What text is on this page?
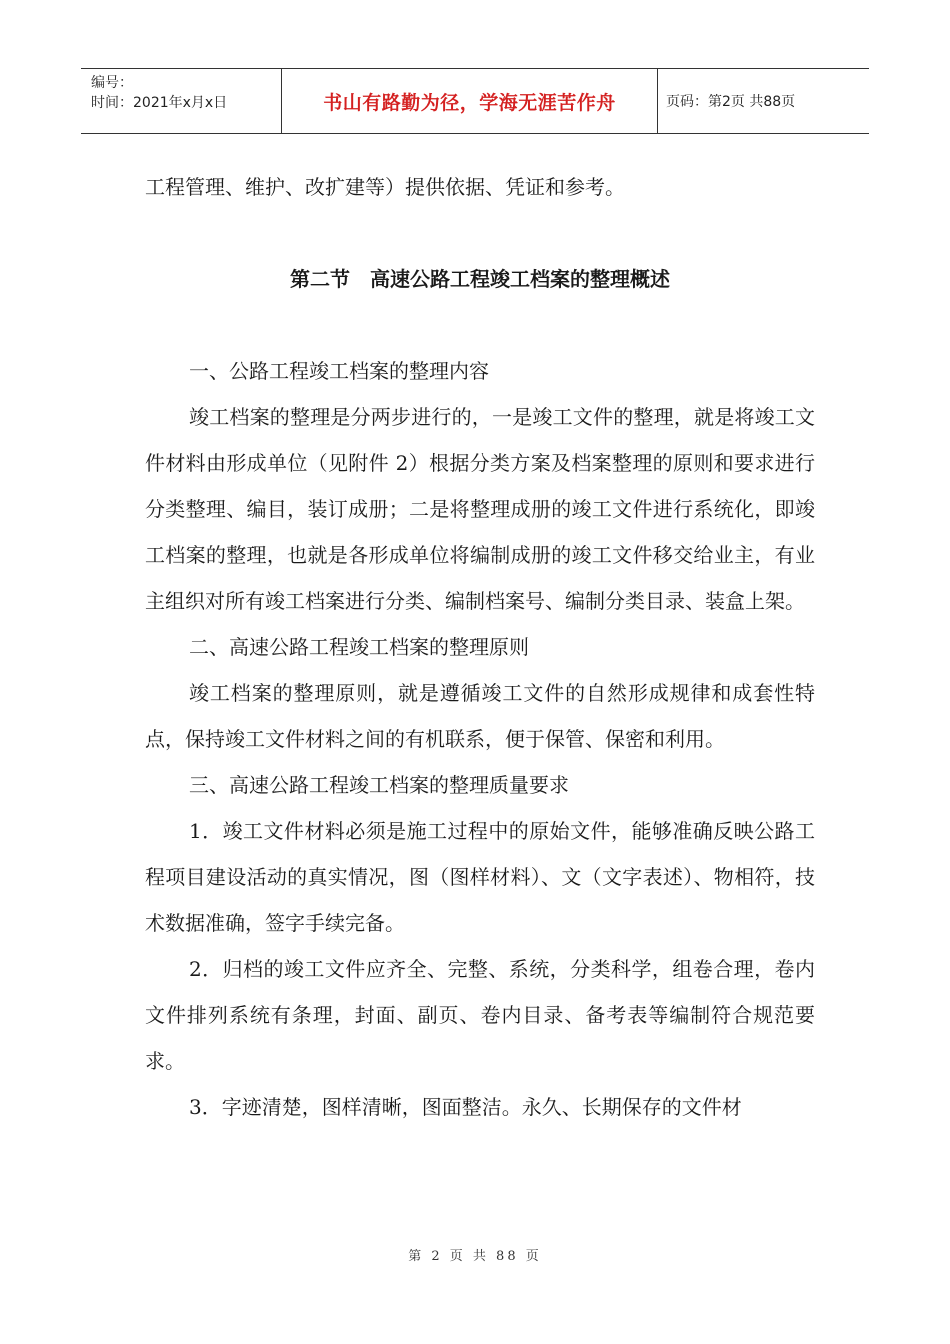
编号：
时间：2021年x月x日	书山有路勤为径，学海无涯苦作舟	页码：第2页 共88页

工程管理、维护、改扩建等）提供依据、凭证和参考。

第二节　高速公路工程竣工档案的整理概述

一、公路工程竣工档案的整理内容

竣工档案的整理是分两步进行的，一是竣工文件的整理，就是将竣工文件材料由形成单位（见附件 2）根据分类方案及档案整理的原则和要求进行分类整理、编目，装订成册；二是将整理成册的竣工文件进行系统化，即竣工档案的整理，也就是各形成单位将编制成册的竣工文件移交给业主，有业主组织对所有竣工档案进行分类、编制档案号、编制分类目录、装盒上架。

二、高速公路工程竣工档案的整理原则

竣工档案的整理原则，就是遵循竣工文件的自然形成规律和成套性特点，保持竣工文件材料之间的有机联系，便于保管、保密和利用。

三、高速公路工程竣工档案的整理质量要求

1．竣工文件材料必须是施工过程中的原始文件，能够准确反映公路工程项目建设活动的真实情况，图（图样材料）、文（文字表述）、物相符，技术数据准确，签字手续完备。

2．归档的竣工文件应齐全、完整、系统，分类科学，组卷合理，卷内文件排列系统有条理，封面、副页、卷内目录、备考表等编制符合规范要求。

3．字迹清楚，图样清晰，图面整洁。永久、长期保存的文件材

第 2 页 共 88 页
